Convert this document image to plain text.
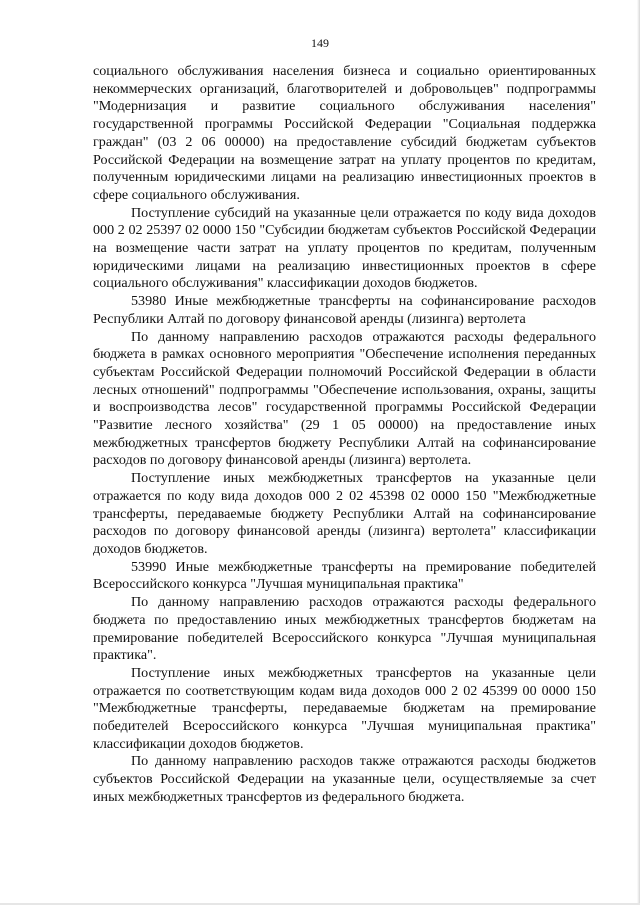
149

социального обслуживания населения бизнеса и социально ориентированных некоммерческих организаций, благотворителей и добровольцев" подпрограммы "Модернизация и развитие социального обслуживания населения" государственной программы Российской Федерации "Социальная поддержка граждан" (03 2 06 00000) на предоставление субсидий бюджетам субъектов Российской Федерации на возмещение затрат на уплату процентов по кредитам, полученным юридическими лицами на реализацию инвестиционных проектов в сфере социального обслуживания.

Поступление субсидий на указанные цели отражается по коду вида доходов 000 2 02 25397 02 0000 150 "Субсидии бюджетам субъектов Российской Федерации на возмещение части затрат на уплату процентов по кредитам, полученным юридическими лицами на реализацию инвестиционных проектов в сфере социального обслуживания" классификации доходов бюджетов.

53980 Иные межбюджетные трансферты на софинансирование расходов Республики Алтай по договору финансовой аренды (лизинга) вертолета

По данному направлению расходов отражаются расходы федерального бюджета в рамках основного мероприятия "Обеспечение исполнения переданных субъектам Российской Федерации полномочий Российской Федерации в области лесных отношений" подпрограммы "Обеспечение использования, охраны, защиты и воспроизводства лесов" государственной программы Российской Федерации "Развитие лесного хозяйства" (29 1 05 00000) на предоставление иных межбюджетных трансфертов бюджету Республики Алтай на софинансирование расходов по договору финансовой аренды (лизинга) вертолета.

Поступление иных межбюджетных трансфертов на указанные цели отражается по коду вида доходов 000 2 02 45398 02 0000 150 "Межбюджетные трансферты, передаваемые бюджету Республики Алтай на софинансирование расходов по договору финансовой аренды (лизинга) вертолета" классификации доходов бюджетов.

53990 Иные межбюджетные трансферты на премирование победителей Всероссийского конкурса "Лучшая муниципальная практика"

По данному направлению расходов отражаются расходы федерального бюджета по предоставлению иных межбюджетных трансфертов бюджетам на премирование победителей Всероссийского конкурса "Лучшая муниципальная практика".

Поступление иных межбюджетных трансфертов на указанные цели отражается по соответствующим кодам вида доходов 000 2 02 45399 00 0000 150 "Межбюджетные трансферты, передаваемые бюджетам на премирование победителей Всероссийского конкурса "Лучшая муниципальная практика" классификации доходов бюджетов.

По данному направлению расходов также отражаются расходы бюджетов субъектов Российской Федерации на указанные цели, осуществляемые за счет иных межбюджетных трансфертов из федерального бюджета.
